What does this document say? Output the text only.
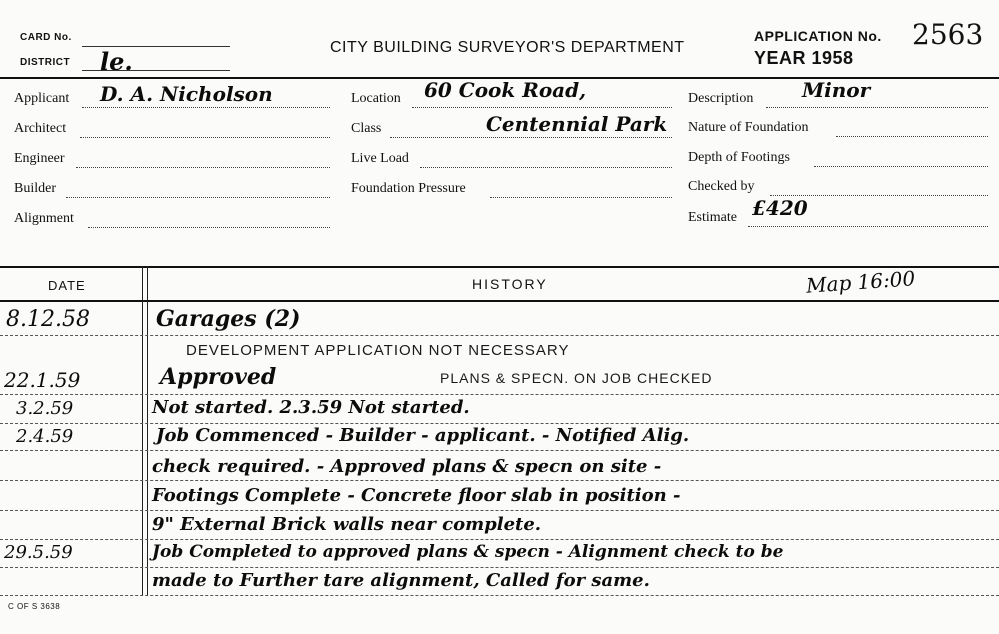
CARD No.
DISTRICT le.	CITY BUILDING SURVEYOR'S DEPARTMENT
APPLICATION No. 2563
YEAR 1958
Applicant D. A. Nicholson
Architect
Engineer
Builder
Alignment
Location 60 Cook Road,
Class	Centennial Park
Live Load
Foundation Pressure
Description Minor
Nature of Foundation
Depth of Footings
Checked by
Estimate £420
DATE	HISTORY	Map 16:00
8.12.58	Garages (2)
DEVELOPMENT APPLICATION NOT NECESSARY
22.1.59	Approved	PLANS & SPECN. ON JOB CHECKED
3.2.59	Not started. 2.3.59 Not started.
2.4.59	Job Commenced - Builder - applicant. - Notified Alig.
check required. - Approved plans & specn on site -
Footings Complete - Concrete floor slab in position -
9" External Brick walls near complete.
29.5.59	Job Completed to approved plans & specn - Alignment check to be
made to Further tare alignment, Called for same.
C OF S 3638
